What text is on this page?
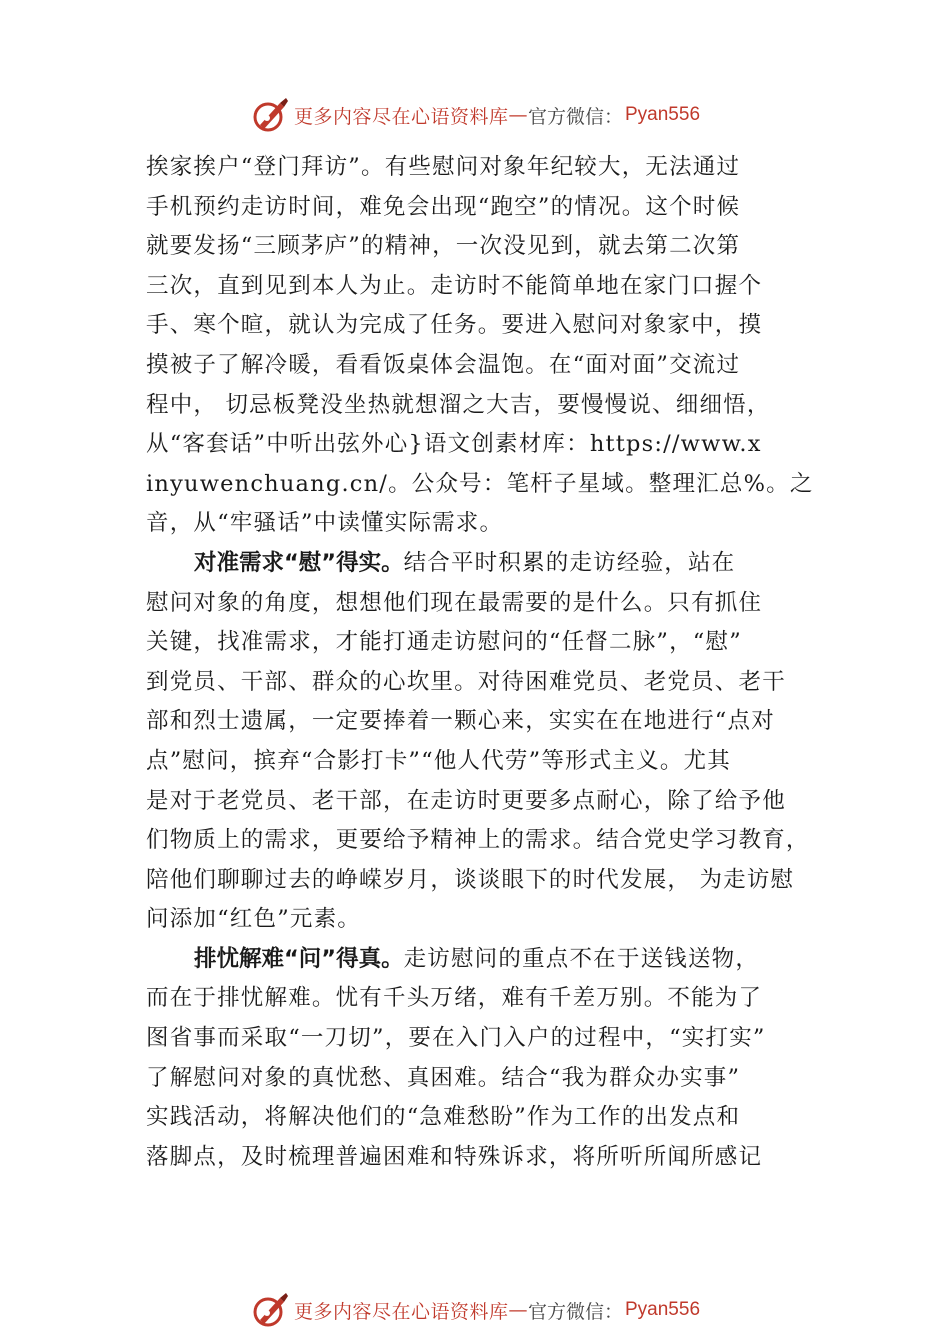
更多内容尽在心语资料库 — 官方微信： Pyan556
挨家挨户“登门拜访”。有些慰问对象年纪较大，无法通过
手机预约走访时间，难免会出现“跑空”的情况。这个时候
就要发扬“三顾茅庐”的精神，一次没见到，就去第二次第
三次，直到见到本人为止。走访时不能简单地在家门口握个
手、寒个暄，就认为完成了任务。要进入慰问对象家中，摸
摸被子了解冷暖，看看饭桌体会温饱。在“面对面”交流过
程中， 切忌板凳没坐热就想溜之大吉，要慢慢说、细细悟，
从“客套话”中听出弦外心}语文创素材库：https://www.x
inyuwenchuang.cn/。公众号：笔杆子星域。整理汇总%。之
音，从“牢骚话”中读懂实际需求。
对准需求“慰”得实。结合平时积累的走访经验，站在
慰问对象的角度，想想他们现在最需要的是什么。只有抓住
关键，找准需求，才能打通走访慰问的“任督二脉”，“慰”
到党员、干部、群众的心坎里。对待困难党员、老党员、老干
部和烈士遗属，一定要捧着一颗心来，实实在在地进行“点对
点”慰问，摈弃“合影打卡”“他人代劳”等形式主义。尤其
是对于老党员、老干部，在走访时更要多点耐心，除了给予他
们物质上的需求，更要给予精神上的需求。结合党史学习教育，
陪他们聊聊过去的峥嵘岁月，谈谈眼下的时代发展， 为走访慰
问添加“红色”元素。
排忧解难“问”得真。走访慰问的重点不在于送钱送物，
而在于排忧解难。忧有千头万绪，难有千差万别。不能为了
图省事而采取“一刀切”，要在入门入户的过程中，“实打实”
了解慰问对象的真忧愁、真困难。结合“我为群众办实事”
实践活动，将解决他们的“急难愁盼”作为工作的出发点和
落脚点，及时梳理普遍困难和特殊诉求，将所听所闻所感记
更多内容尽在心语资料库 — 官方微信： Pyan556
